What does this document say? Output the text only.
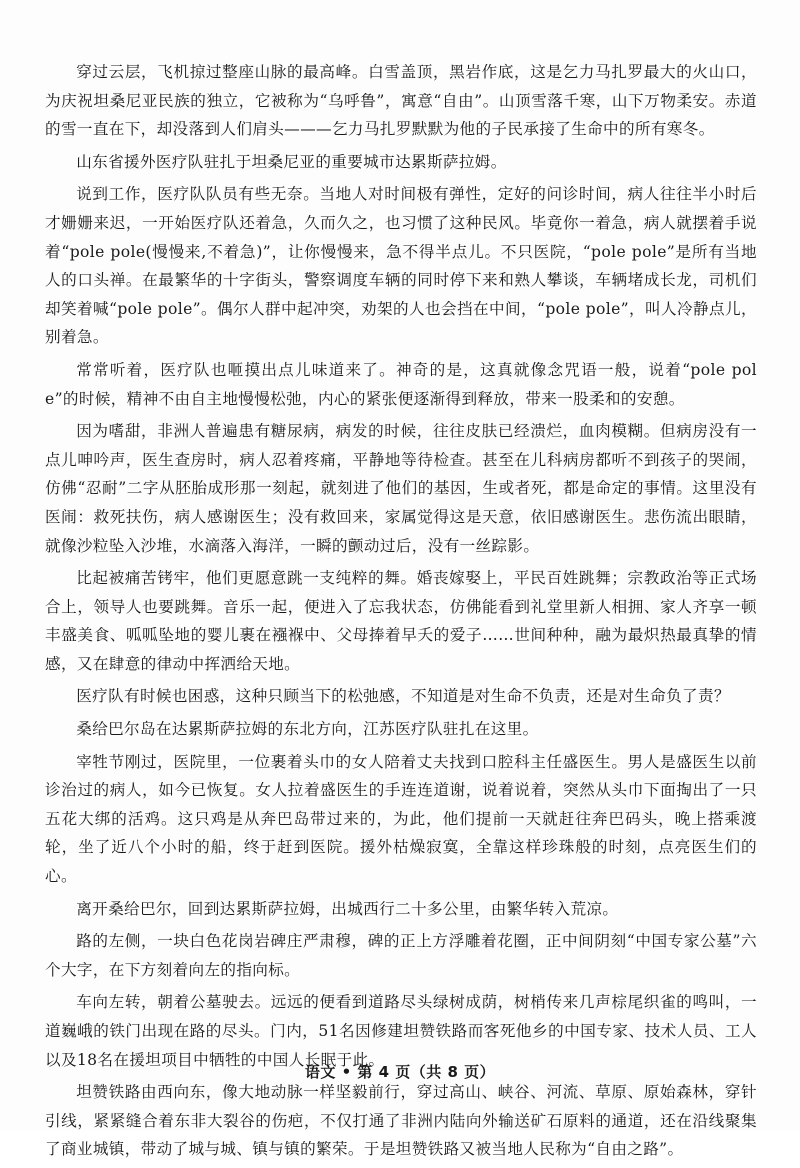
穿过云层，飞机掠过整座山脉的最高峰。白雪盖顶，黑岩作底，这是乞力马扎罗最大的火山口，为庆祝坦桑尼亚民族的独立，它被称为“乌呼鲁”，寓意“自由”。山顶雪落千寒，山下万物柔安。赤道的雪一直在下，却没落到人们肩头———乞力马扎罗默默为他的子民承接了生命中的所有寒冬。

山东省援外医疗队驻扎于坦桑尼亚的重要城市达累斯萨拉姆。

说到工作，医疗队队员有些无奈。当地人对时间极有弹性，定好的问诊时间，病人往往半小时后才姗姗来迟，一开始医疗队还着急，久而久之，也习惯了这种民风。毕竟你一着急，病人就摆着手说着“pole pole(慢慢来,不着急)”，让你慢慢来，急不得半点儿。不只医院，“pole pole”是所有当地人的口头禅。在最繁华的十字街头，警察调度车辆的同时停下来和熟人攀谈，车辆堵成长龙，司机们却笑着喊“pole pole”。偶尔人群中起冲突，劝架的人也会挡在中间，“pole pole”，叫人冷静点儿，别着急。

常常听着，医疗队也咂摸出点儿味道来了。神奇的是，这真就像念咒语一般，说着“pole pole”的时候，精神不由自主地慢慢松弛，内心的紧张便逐渐得到释放，带来一股柔和的安憩。

因为嗜甜，非洲人普遍患有糖尿病，病发的时候，往往皮肤已经溃烂，血肉模糊。但病房没有一点儿呻吟声，医生查房时，病人忍着疼痛，平静地等待检查。甚至在儿科病房都听不到孩子的哭闹，仿佛“忍耐”二字从胚胎成形那一刻起，就刻进了他们的基因，生或者死，都是命定的事情。这里没有医闹：救死扶伤，病人感谢医生；没有救回来，家属觉得这是天意，依旧感谢医生。悲伤流出眼睛，就像沙粒坠入沙堆，水滴落入海洋，一瞬的颤动过后，没有一丝踪影。

比起被痛苦铐牢，他们更愿意跳一支纯粹的舞。婚丧嫁娶上，平民百姓跳舞；宗教政治等正式场合上，领导人也要跳舞。音乐一起，便进入了忘我状态，仿佛能看到礼堂里新人相拥、家人齐享一顿丰盛美食、呱呱坠地的婴儿裹在襁褓中、父母捧着早夭的爱子……世间种种，融为最炽热最真挚的情感，又在肆意的律动中挥洒给天地。

医疗队有时候也困惑，这种只顾当下的松弛感，不知道是对生命不负责，还是对生命负了责？

桑给巴尔岛在达累斯萨拉姆的东北方向，江苏医疗队驻扎在这里。

宰牲节刚过，医院里，一位裹着头巾的女人陪着丈夫找到口腔科主任盛医生。男人是盛医生以前诊治过的病人，如今已恢复。女人拉着盛医生的手连连道谢，说着说着，突然从头巾下面掏出了一只五花大绑的活鸡。这只鸡是从奔巴岛带过来的，为此，他们提前一天就赶往奔巴码头，晚上搭乘渡轮，坐了近八个小时的船，终于赶到医院。援外枯燥寂寞，全靠这样珍珠般的时刻，点亮医生们的心。

离开桑给巴尔，回到达累斯萨拉姆，出城西行二十多公里，由繁华转入荒凉。

路的左侧，一块白色花岗岩碑庄严肃穆，碑的正上方浮雕着花圈，正中间阴刻“中国专家公墓”六个大字，在下方刻着向左的指向标。

车向左转，朝着公墓驶去。远远的便看到道路尽头绿树成荫，树梢传来几声棕尾织雀的鸣叫，一道巍峨的铁门出现在路的尽头。门内，51名因修建坦赞铁路而客死他乡的中国专家、技术人员、工人以及18名在援坦项目中牺牲的中国人长眠于此。

坦赞铁路由西向东，像大地动脉一样坚毅前行，穿过高山、峡谷、河流、草原、原始森林，穿针引线，紧紧缝合着东非大裂谷的伤疤，不仅打通了非洲内陆向外输送矿石原料的通道，还在沿线聚集了商业城镇，带动了城与城、镇与镇的繁荣。于是坦赞铁路又被当地人民称为“自由之路”。

语文 • 第 4 页（共 8 页）
